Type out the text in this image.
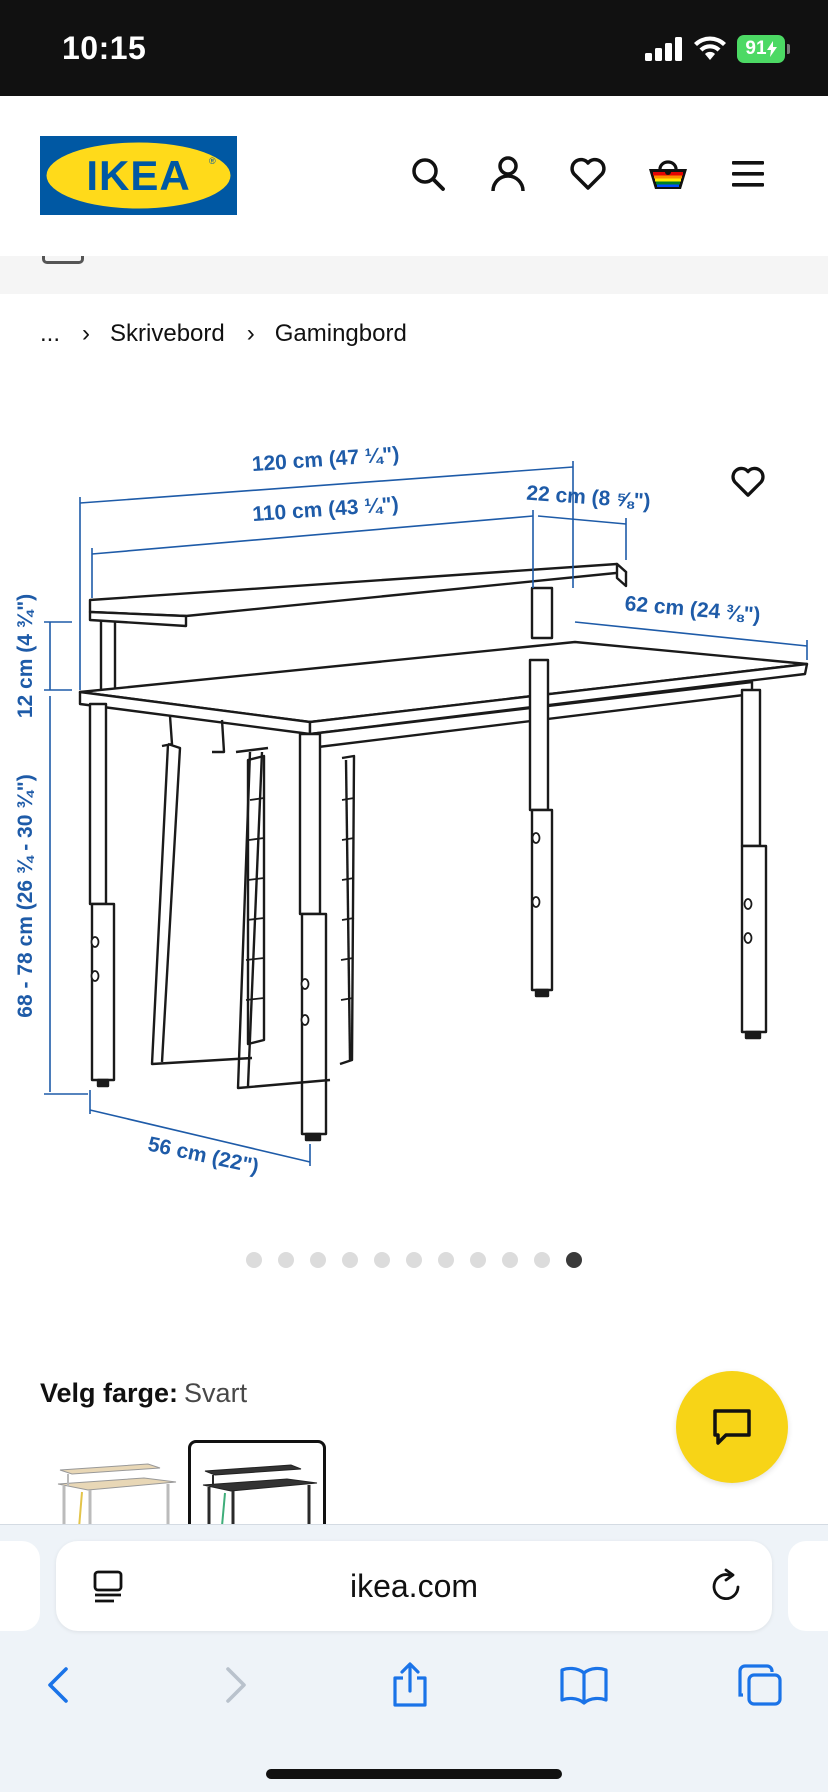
10:15	91
IKEA ®
... › Skrivebord › Gamingbord
120 cm (47 ¼")
110 cm (43 ¼")	22 cm (8 ⅝")
62 cm (24 ⅜")
12 cm (4 ¾")
68 - 78 cm (26 ¾ - 30 ¾")
56 cm (22")
Velg farge: Svart
ikea.com
